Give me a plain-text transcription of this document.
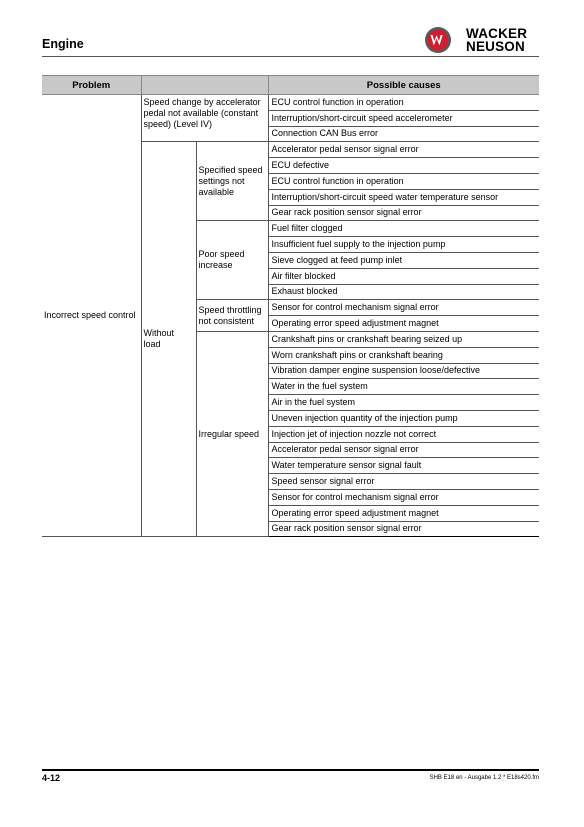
Engine
WACKER
NEUSON
Problem			Possible causes
Incorrect speed control	Speed change by accelerator pedal not available (constant speed) (Level IV)		ECU control function in operation
			Interruption/short-circuit speed accelerometer
			Connection CAN Bus error
	Without load	Specified speed settings not available	Accelerator pedal sensor signal error
			ECU defective
			ECU control function in operation
			Interruption/short-circuit speed water temperature sensor
			Gear rack position sensor signal error
		Poor speed increase	Fuel filter clogged
			Insufficient fuel supply to the injection pump
			Sieve clogged at feed pump inlet
			Air filter blocked
			Exhaust blocked
		Speed throttling not consistent	Sensor for control mechanism signal error
			Operating error speed adjustment magnet
		Irregular speed	Crankshaft pins or crankshaft bearing seized up
			Worn crankshaft pins or crankshaft bearing
			Vibration damper engine suspension loose/defective
			Water in the fuel system
			Air in the fuel system
			Uneven injection quantity of the injection pump
			Injection jet of injection nozzle not correct
			Accelerator pedal sensor signal error
			Water temperature sensor signal fault
			Speed sensor signal error
			Sensor for control mechanism signal error
			Operating error speed adjustment magnet
			Gear rack position sensor signal error
4-12	SHB E18 en - Ausgabe 1.2 * E18s420.fm
